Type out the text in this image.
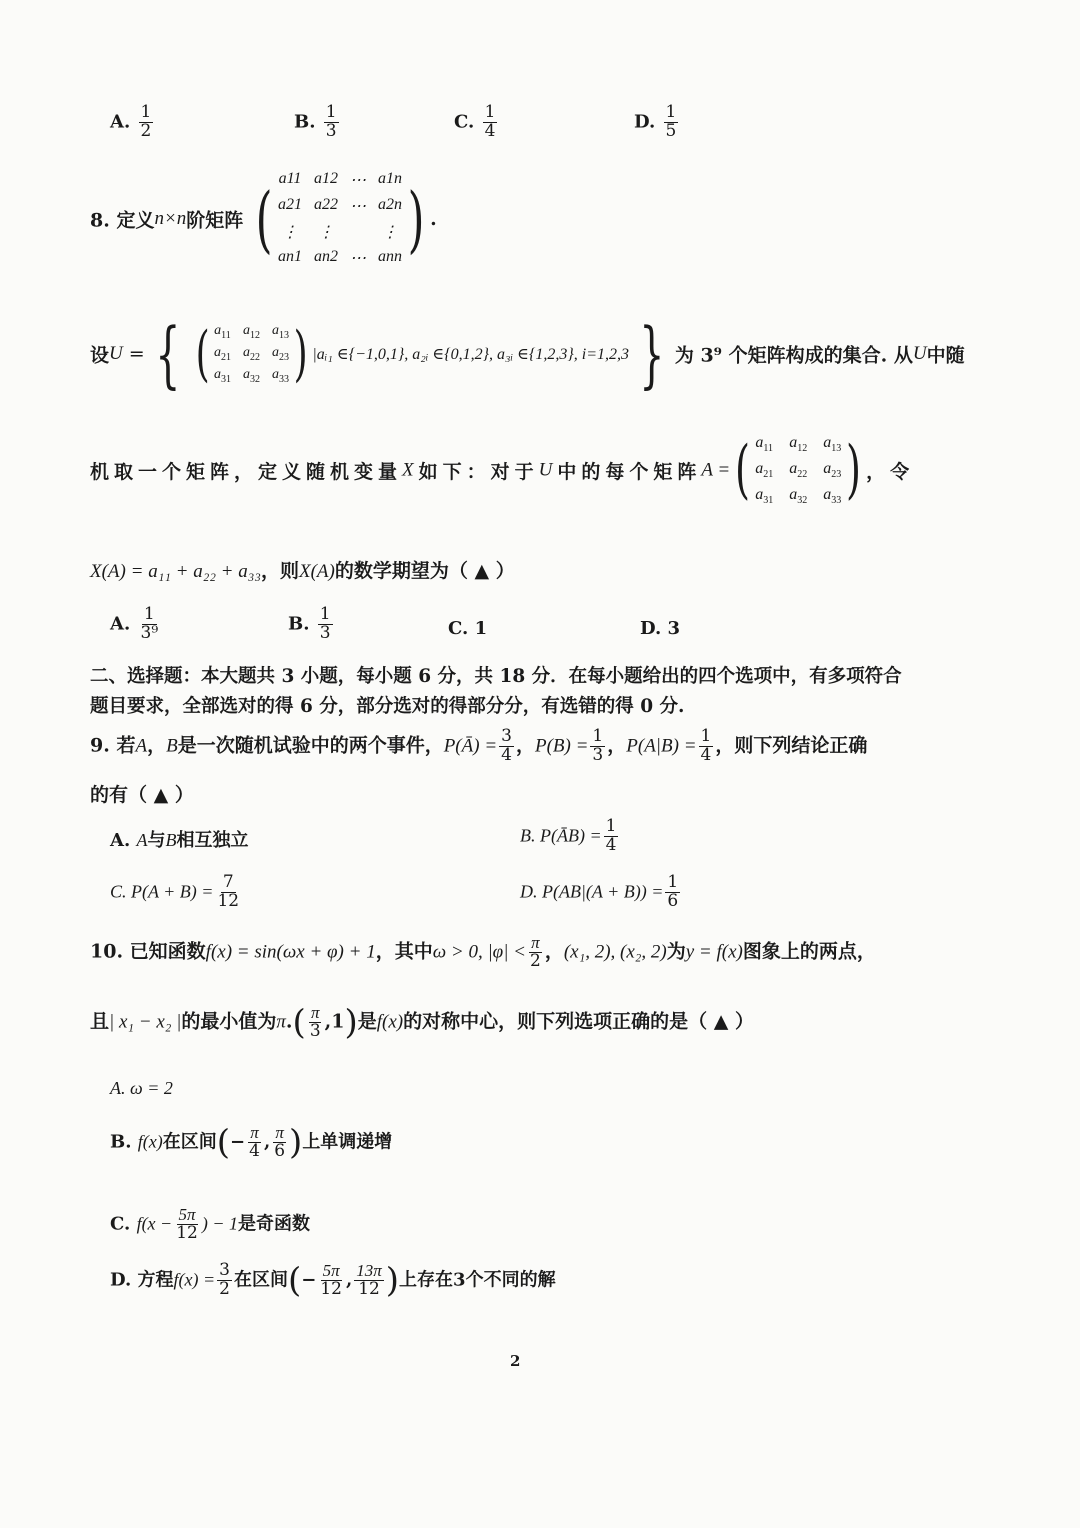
A. $\frac{1}{2}$	B. $\frac{1}{3}$	C. $\frac{1}{4}$	D. $\frac{1}{5}$
8. 定义n×n阶矩阵 ( a11 a12 ⋯ a1n
a21 a22 ⋯ a2n
⋮ ⋮	⋮
an1 an2 ⋯ ann ) .
设U = { ( $a_{11}$ $a_{12}$ $a_{13}$
$a_{21}$ $a_{22}$ $a_{23}$
$a_{31}$ $a_{32}$ $a_{33}$ ) |aᵢ₁ ∈{−1,0,1}, a₂ᵢ ∈{0,1,2}, a₃ᵢ ∈{1,2,3}, i=1,2,3 } 为 3⁹ 个矩阵构成的集合. 从U中随
机取一个矩阵，定义随机变量X如下：对于U中的每个矩阵A =( $a_{11}$ $a_{12}$ $a_{13}$
$a_{21}$ $a_{22}$ $a_{23}$
$a_{31}$ $a_{32}$ $a_{33}$ ) ，令
X(A) = a₁₁ + a₂₂ + a₃₃，则X(A)的数学期望为（ ▲ ）
A. $\frac{1}{\text{3⁹}}$	B. $\frac{1}{3}$	C. 1	D. 3
二、选择题：本大题共 3 小题，每小题 6 分，共 18 分．在每小题给出的四个选项中，有多项符合
题目要求，全部选对的得 6 分，部分选对的得部分分，有选错的得 0 分.
9. 若A，B是一次随机试验中的两个事件，P(Ā) = $\frac{3}{4}$ ，$P(B) = \frac{1}{3}$ ，$P(A|B) = \frac{1}{4}$ ，则下列结论正确
的有（ ▲ ）
A. A与B相互独立	B. P(ĀB) = $\frac{1}{4}$
C. $P(A + B) = \frac{7}{12}$	D. $P(AB|(A + B)) = \frac{1}{6}$
10. 已知函数f(x) = sin(ωx + φ) + 1，其中ω > 0, $|\varphi| < \frac{\pi}{2}$ ，(x₁, 2), (x₂, 2)为y = f(x)图象上的两点，
且| x₁ − x₂ |的最小值为$\pi.( \frac{\pi}{3} ,1)$是f(x)的对称中心，则下列选项正确的是（ ▲ ）
A. ω = 2
B. f(x)在区间(− $\frac{\pi}{4}$ , $\frac{\pi}{6}$ )上单调递增
C. $f(x - \frac{5\pi}{12}$ ) − 1是奇函数
D. 方程$f(x) = \frac{3}{2}$ 在区间(− $\frac{5\pi}{12}$ , $\frac{13\pi}{12}$ )上存在3个不同的解
2
